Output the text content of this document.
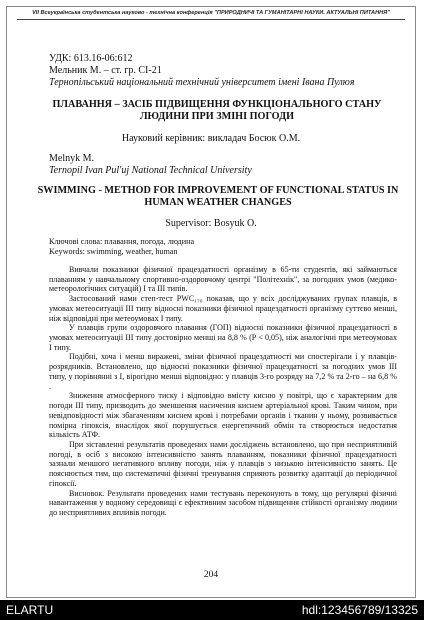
VII Всеукраїнська студентська науково - технічна конференція "ПРИРОДНИЧІ ТА ГУМАНІТАРНІ НАУКИ. АКТУАЛЬНІ ПИТАННЯ"
УДК: 613.16-06:612
Мельник М. – ст. гр. СІ-21
Тернопільський національний технічний університет імені Івана Пулюя
ПЛАВАННЯ – ЗАСІБ ПІДВИЩЕННЯ ФУНКЦІОНАЛЬНОГО СТАНУ ЛЮДИНИ ПРИ ЗМІНІ ПОГОДИ
Науковий керівник: викладач Босюк О.М.
Melnyk M.
Ternopil Ivan Pul'uj National Technical University
SWIMMING - METHOD FOR IMPROVEMENT OF FUNCTIONAL STATUS IN HUMAN WEATHER CHANGES
Supervisor: Bosyuk O.
Ключові слова: плавання, погода, людина
Keywords: swimming, weather, human

Вивчали показники фізичної працездатності організму в 65-ти студентів, які займаються плаванням у навчальному спортивно-оздоровчому центрі "Політехнік", за погодних умов (медико-метеорологічних ситуацій) I та III типів.

Застосований нами степ-тест PWC₁₇₀ показав, що у всіх досліджуваних групах плавців, в умовах метеоситуації III типу відносні показники фізичної працездатності організму суттєво менші, ніж відповідні при метеоумовах I типу.

У плавців групи оздоровчого плавання (ГОП) відносні показники фізичної працездатності в умовах метеоситуації III типу достовірно менші на 8,8 % (P < 0,05), ніж аналогічні при метеоумовах I типу.

Подібні, хоча і менш виражені, зміни фізичної працездатності ми спостерігали і у плавців-розрядників. Встановлено, що відносні показники фізичної працездатності за погодних умов III типу, у порівнянні з I, вірогідно менші відповідно: у плавців 3-го розряду на 7,2 % та 2-го – на 6,8 % .

Зниження атмосферного тиску і відповідно вмісту кисню у повітрі, що є характерним для погоди III типу, призводить до зменшення насичення киснем артеріальної крові. Таким чином, при невідповідності між збагаченням киснем крові і потребами органів і тканин у ньому, розвивається помірна гіпоксія, внаслідок якої порушується енергетичний обмін та створюється недостатня кількість АТФ.

При зіставленні результатів проведених нами досліджень встановлено, що при несприятливій погоді, в осіб з високою інтенсивністю занять плаванням, показники фізичної працездатності зазнали меншого негативного впливу погоди, ніж у плавців з низькою інтенсивністю занять. Це пояснюється тим, що систематичні фізичні тренування сприяють розвитку адаптації до періодичної гіпоксії.

Висновок. Результати проведених нами тестувань переконують в тому, що регулярні фізичні навантаження у водному середовищі є ефективним засобом підвищення стійкості організму людини до несприятливих впливів погоди.

204
ELARTU	hdl:123456789/13325
